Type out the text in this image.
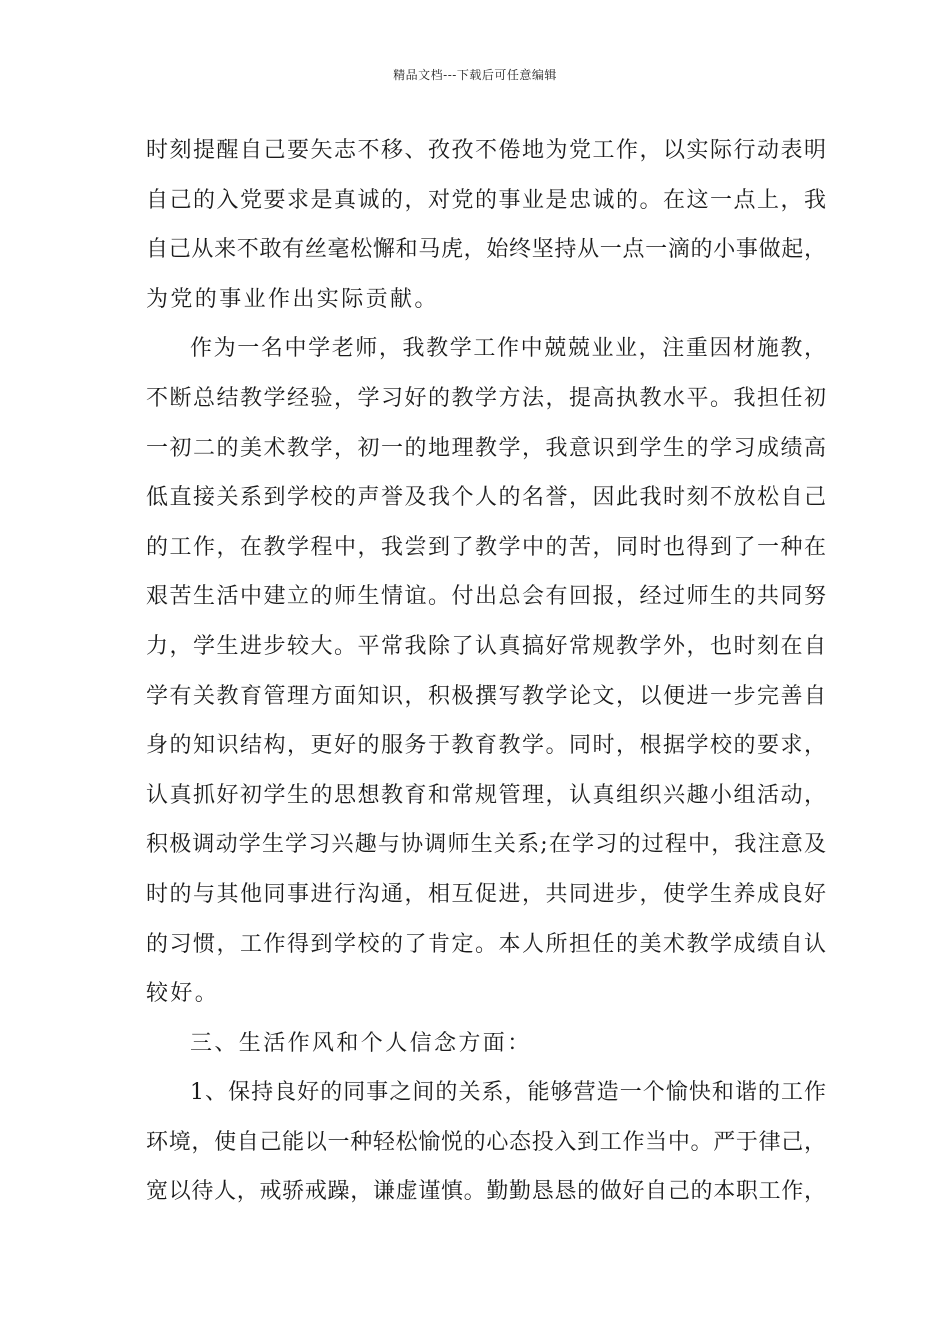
精品文档---下载后可任意编辑
时刻提醒自己要矢志不移、孜孜不倦地为党工作，以实际行动表明
自己的入党要求是真诚的，对党的事业是忠诚的。在这一点上，我
自己从来不敢有丝毫松懈和马虎，始终坚持从一点一滴的小事做起，
为党的事业作出实际贡献。
作为一名中学老师，我教学工作中兢兢业业，注重因材施教，
不断总结教学经验，学习好的教学方法，提高执教水平。我担任初
一初二的美术教学，初一的地理教学，我意识到学生的学习成绩高
低直接关系到学校的声誉及我个人的名誉，因此我时刻不放松自己
的工作，在教学程中，我尝到了教学中的苦，同时也得到了一种在
艰苦生活中建立的师生情谊。付出总会有回报，经过师生的共同努
力，学生进步较大。平常我除了认真搞好常规教学外，也时刻在自
学有关教育管理方面知识，积极撰写教学论文，以便进一步完善自
身的知识结构，更好的服务于教育教学。同时，根据学校的要求，
认真抓好初学生的思想教育和常规管理，认真组织兴趣小组活动，
积极调动学生学习兴趣与协调师生关系;在学习的过程中，我注意及
时的与其他同事进行沟通，相互促进，共同进步，使学生养成良好
的习惯，工作得到学校的了肯定。本人所担任的美术教学成绩自认
较好。
三、生活作风和个人信念方面：
1、保持良好的同事之间的关系，能够营造一个愉快和谐的工作
环境，使自己能以一种轻松愉悦的心态投入到工作当中。严于律己，
宽以待人，戒骄戒躁，谦虚谨慎。勤勤恳恳的做好自己的本职工作，
